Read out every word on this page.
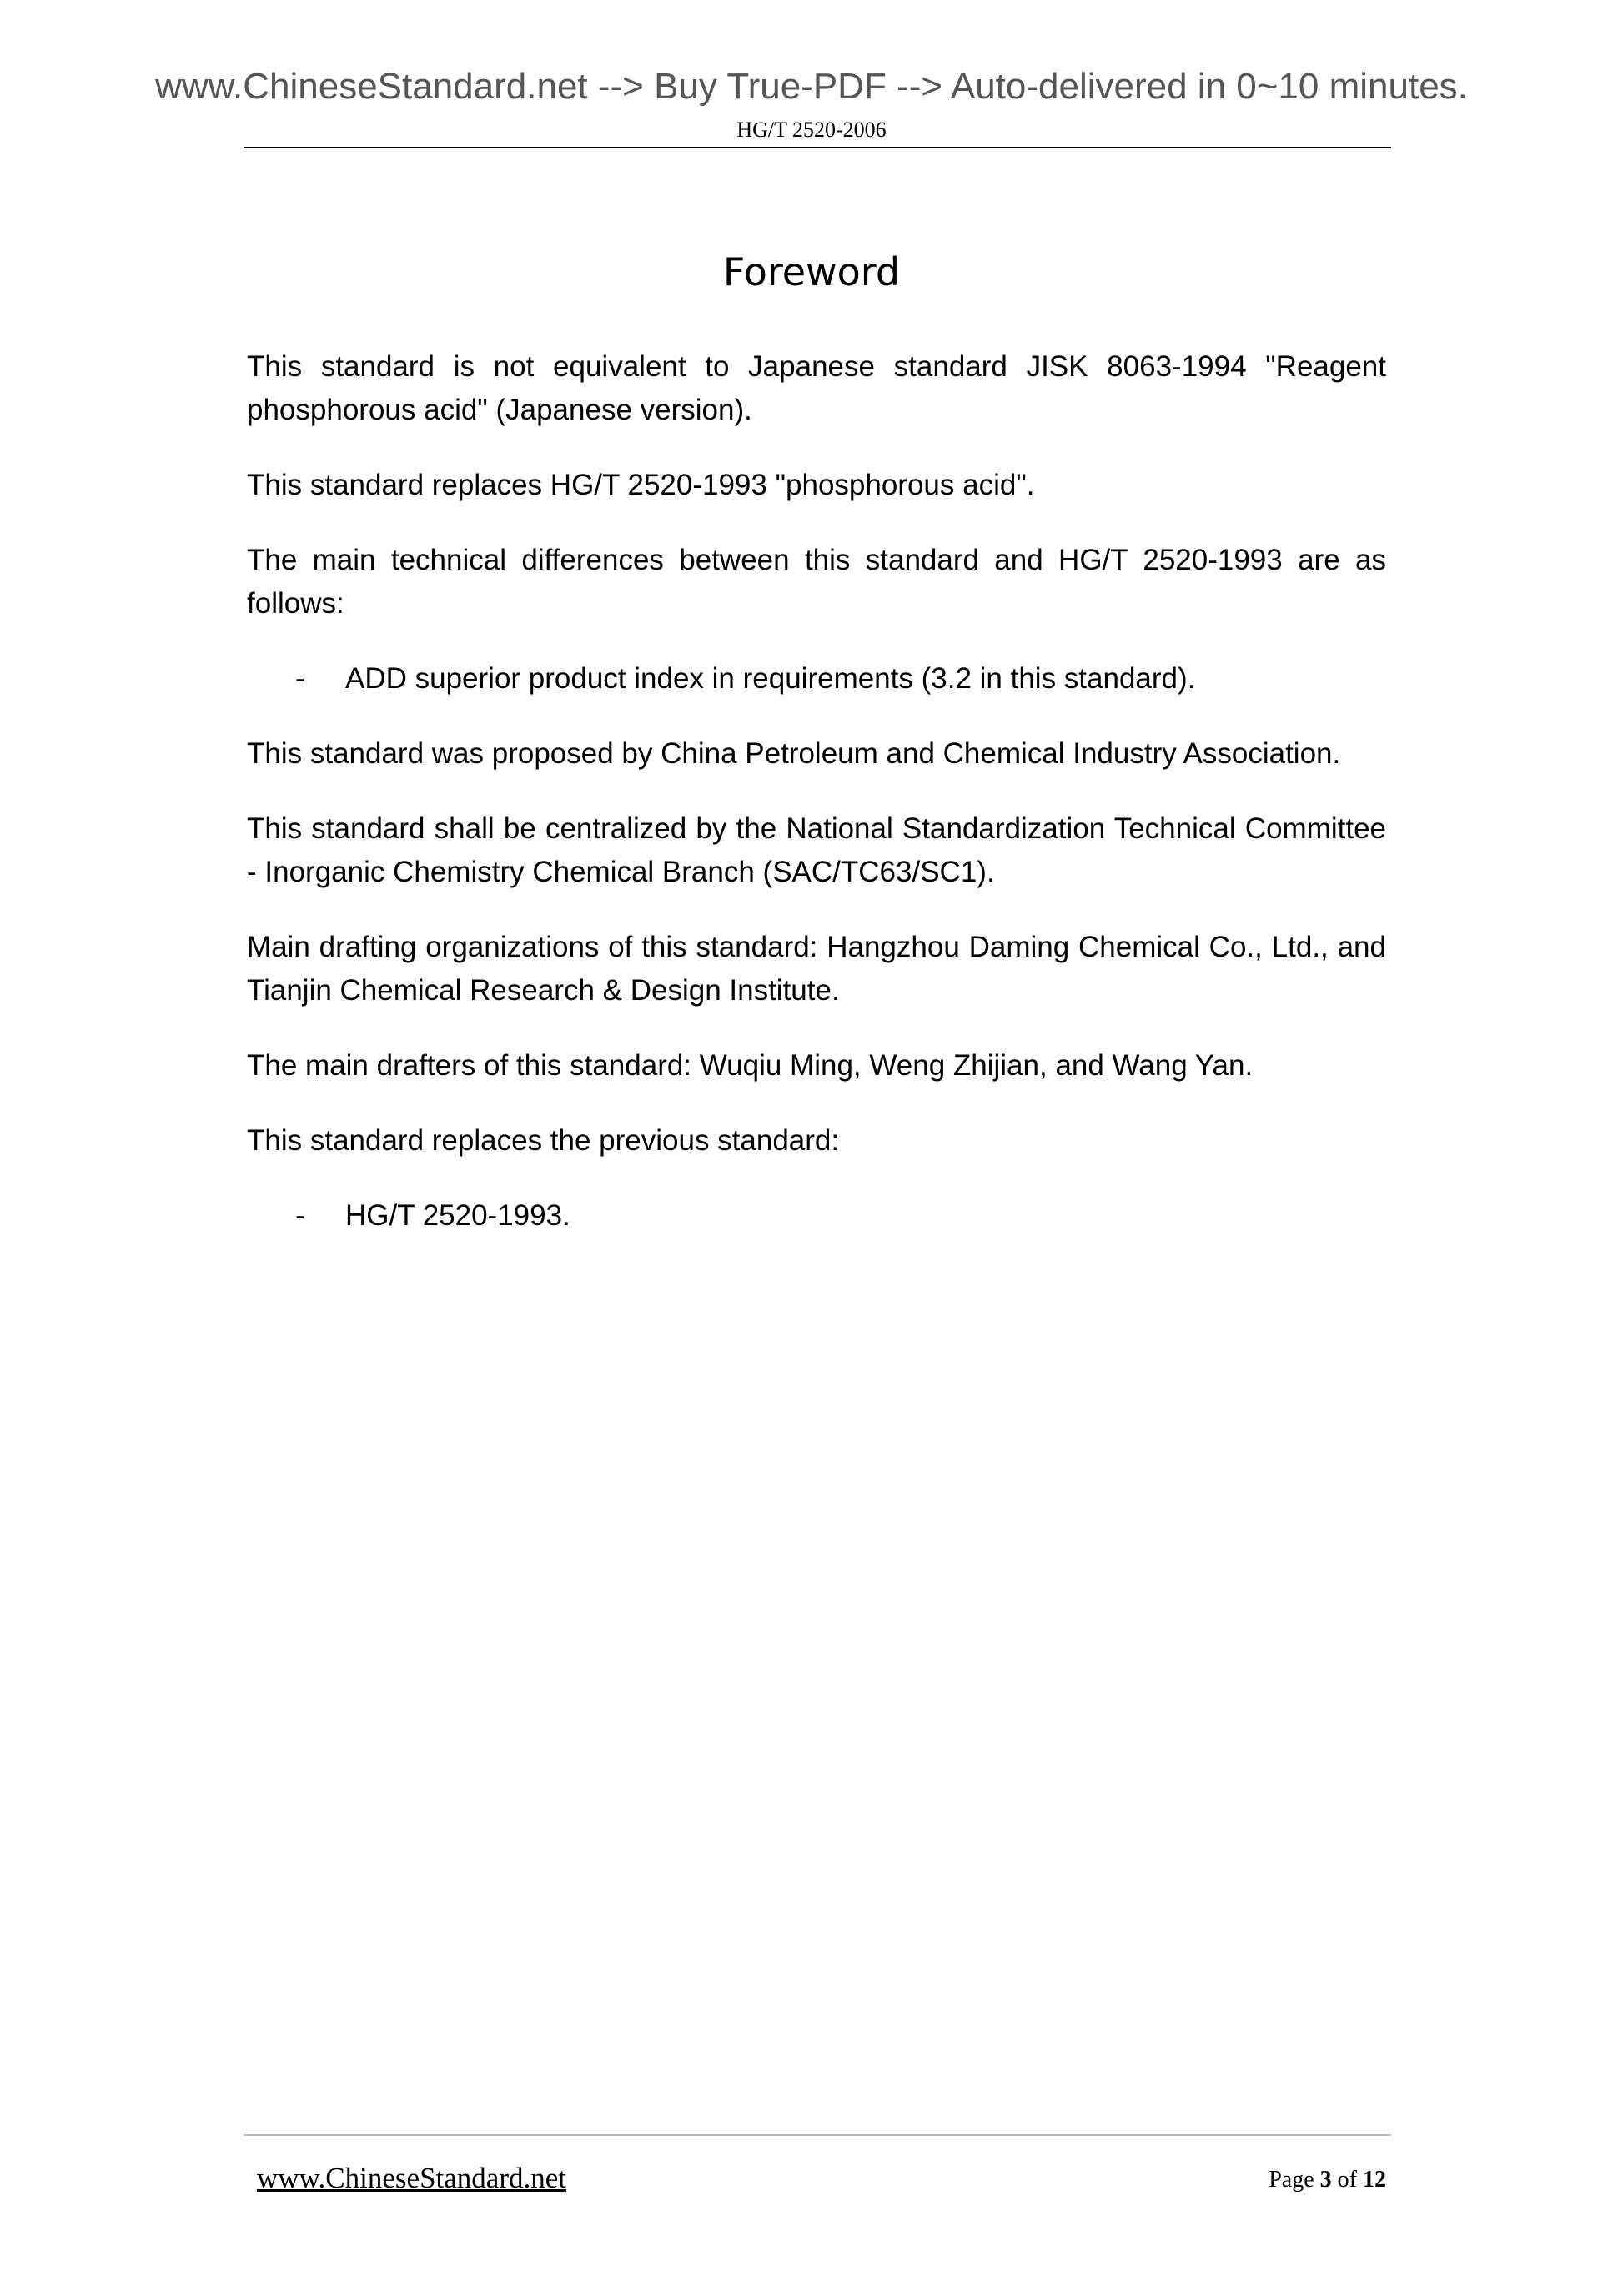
www.ChineseStandard.net --> Buy True-PDF --> Auto-delivered in 0~10 minutes.
HG/T 2520-2006
Foreword

This standard is not equivalent to Japanese standard JISK 8063-1994 "Reagent phosphorous acid" (Japanese version).

This standard replaces HG/T 2520-1993 "phosphorous acid".

The main technical differences between this standard and HG/T 2520-1993 are as follows:

- ADD superior product index in requirements (3.2 in this standard).

This standard was proposed by China Petroleum and Chemical Industry Association.

This standard shall be centralized by the National Standardization Technical Committee - Inorganic Chemistry Chemical Branch (SAC/TC63/SC1).

Main drafting organizations of this standard: Hangzhou Daming Chemical Co., Ltd., and Tianjin Chemical Research & Design Institute.

The main drafters of this standard: Wuqiu Ming, Weng Zhijian, and Wang Yan.

This standard replaces the previous standard:

- HG/T 2520-1993.
www.ChineseStandard.net	Page 3 of 12
